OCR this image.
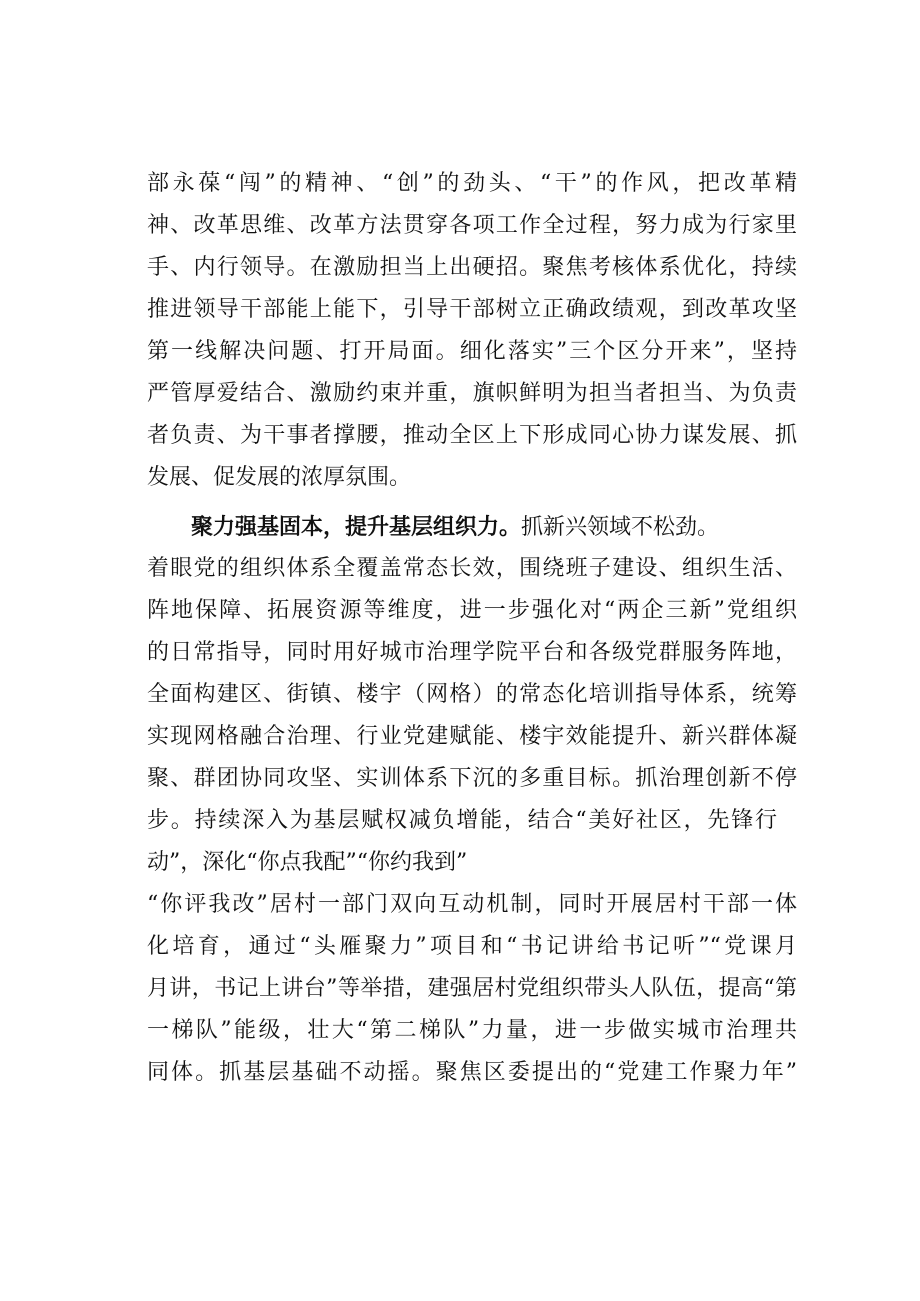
部永葆“闯”的精神、“创”的劲头、“干”的作风，把改革精
神、改革思维、改革方法贯穿各项工作全过程，努力成为行家里
手、内行领导。在激励担当上出硬招。聚焦考核体系优化，持续
推进领导干部能上能下，引导干部树立正确政绩观，到改革攻坚
第一线解决问题、打开局面。细化落实”三个区分开来”，坚持
严管厚爱结合、激励约束并重，旗帜鲜明为担当者担当、为负责
者负责、为干事者撑腰，推动全区上下形成同心协力谋发展、抓
发展、促发展的浓厚氛围。
聚力强基固本，提升基层组织力。抓新兴领域不松劲。
着眼党的组织体系全覆盖常态长效，围绕班子建设、组织生活、
阵地保障、拓展资源等维度，进一步强化对“两企三新”党组织
的日常指导，同时用好城市治理学院平台和各级党群服务阵地，
全面构建区、街镇、楼宇（网格）的常态化培训指导体系，统筹
实现网格融合治理、行业党建赋能、楼宇效能提升、新兴群体凝
聚、群团协同攻坚、实训体系下沉的多重目标。抓治理创新不停
步。持续深入为基层赋权减负增能，结合“美好社区，先锋行
动”，深化“你点我配”“你约我到”
“你评我改”居村一部门双向互动机制，同时开展居村干部一体
化培育，通过“头雁聚力”项目和“书记讲给书记听”“党课月
月讲，书记上讲台”等举措，建强居村党组织带头人队伍，提高“第
一梯队”能级，壮大“第二梯队”力量，进一步做实城市治理共
同体。抓基层基础不动摇。聚焦区委提出的“党建工作聚力年”
